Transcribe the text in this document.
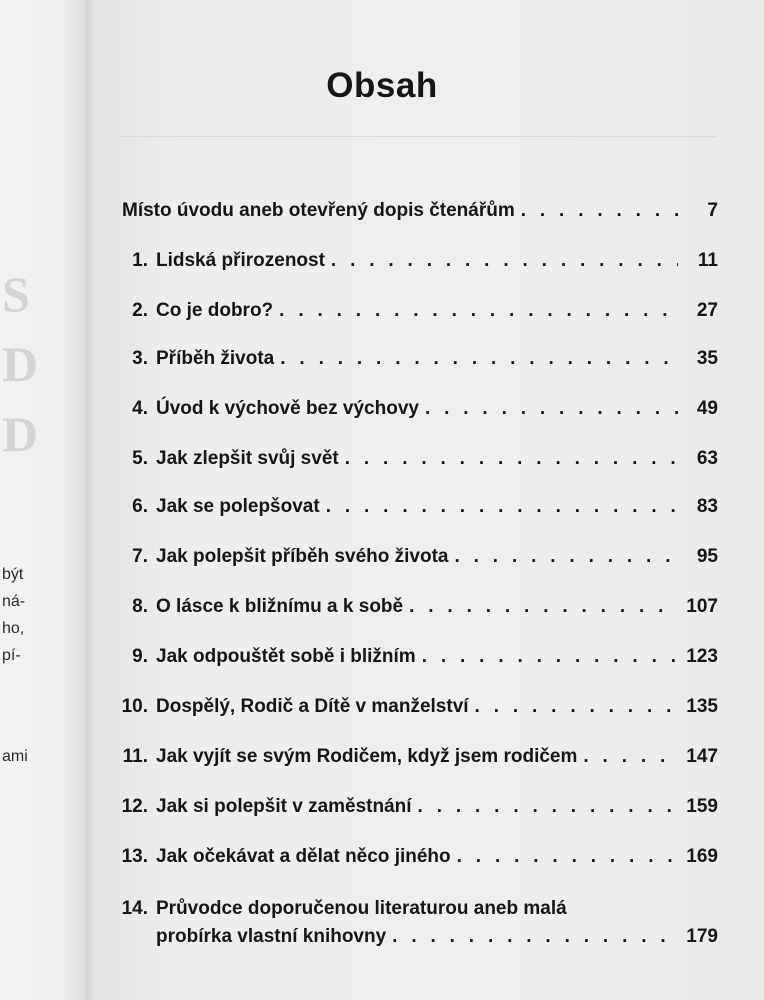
S
D
D
být
ná-
ho,
pí-
ami
Obsah
Místo úvodu aneb otevřený dopis čtenářům . . .	7
1. Lidská přirozenost . . .	11
2. Co je dobro? . . .	27
3. Příběh života . . .	35
4. Úvod k výchově bez výchovy . . .	49
5. Jak zlepšit svůj svět . . .	63
6. Jak se polepšovat . . .	83
7. Jak polepšit příběh svého života . . .	95
8. O lásce k bližnímu a k sobě . . .	107
9. Jak odpouštět sobě i bližním . . .	123
10. Dospělý, Rodič a Dítě v manželství . . .	135
11. Jak vyjít se svým Rodičem, když jsem rodičem . . .	147
12. Jak si polepšit v zaměstnání . . .	159
13. Jak očekávat a dělat něco jiného . . .	169
14. Průvodce doporučenou literaturou aneb malá
probírka vlastní knihovny . . .	179
